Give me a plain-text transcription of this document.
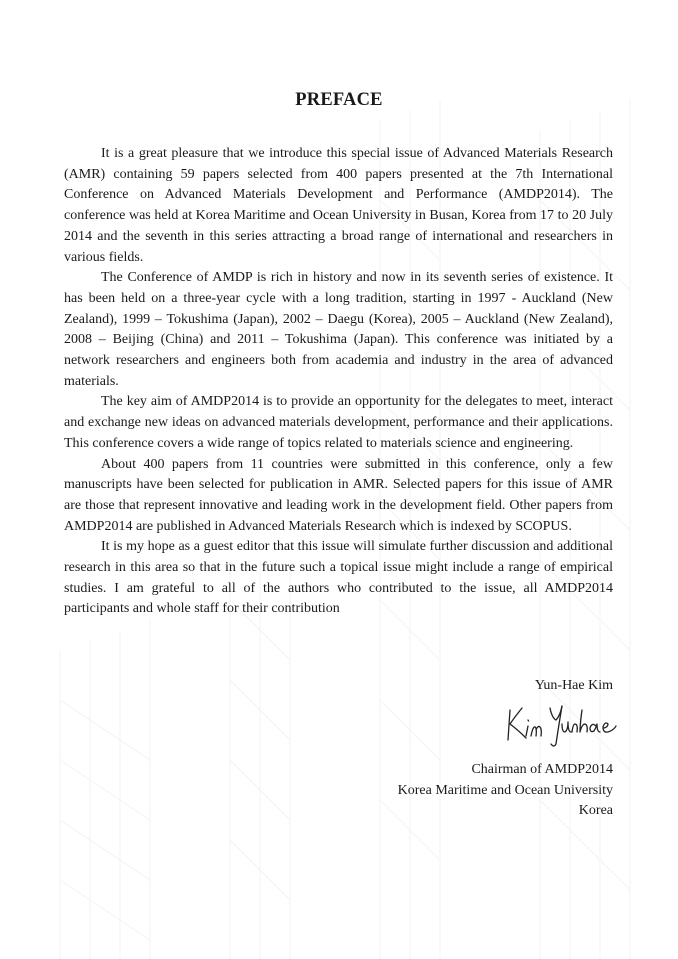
PREFACE

It is a great pleasure that we introduce this special issue of Advanced Materials Research (AMR) containing 59 papers selected from 400 papers presented at the 7th International Conference on Advanced Materials Development and Performance (AMDP2014). The conference was held at Korea Maritime and Ocean University in Busan, Korea from 17 to 20 July 2014 and the seventh in this series attracting a broad range of international and researchers in various fields.

The Conference of AMDP is rich in history and now in its seventh series of existence. It has been held on a three-year cycle with a long tradition, starting in 1997 - Auckland (New Zealand), 1999 – Tokushima (Japan), 2002 – Daegu (Korea), 2005 – Auckland (New Zealand), 2008 – Beijing (China) and 2011 – Tokushima (Japan). This conference was initiated by a network researchers and engineers both from academia and industry in the area of advanced materials.

The key aim of AMDP2014 is to provide an opportunity for the delegates to meet, interact and exchange new ideas on advanced materials development, performance and their applications. This conference covers a wide range of topics related to materials science and engineering.

About 400 papers from 11 countries were submitted in this conference, only a few manuscripts have been selected for publication in AMR. Selected papers for this issue of AMR are those that represent innovative and leading work in the development field. Other papers from AMDP2014 are published in Advanced Materials Research which is indexed by SCOPUS.

It is my hope as a guest editor that this issue will simulate further discussion and additional research in this area so that in the future such a topical issue might include a range of empirical studies. I am grateful to all of the authors who contributed to the issue, all AMDP2014 participants and whole staff for their contribution

Yun-Hae Kim
Chairman of AMDP2014
Korea Maritime and Ocean University
Korea
